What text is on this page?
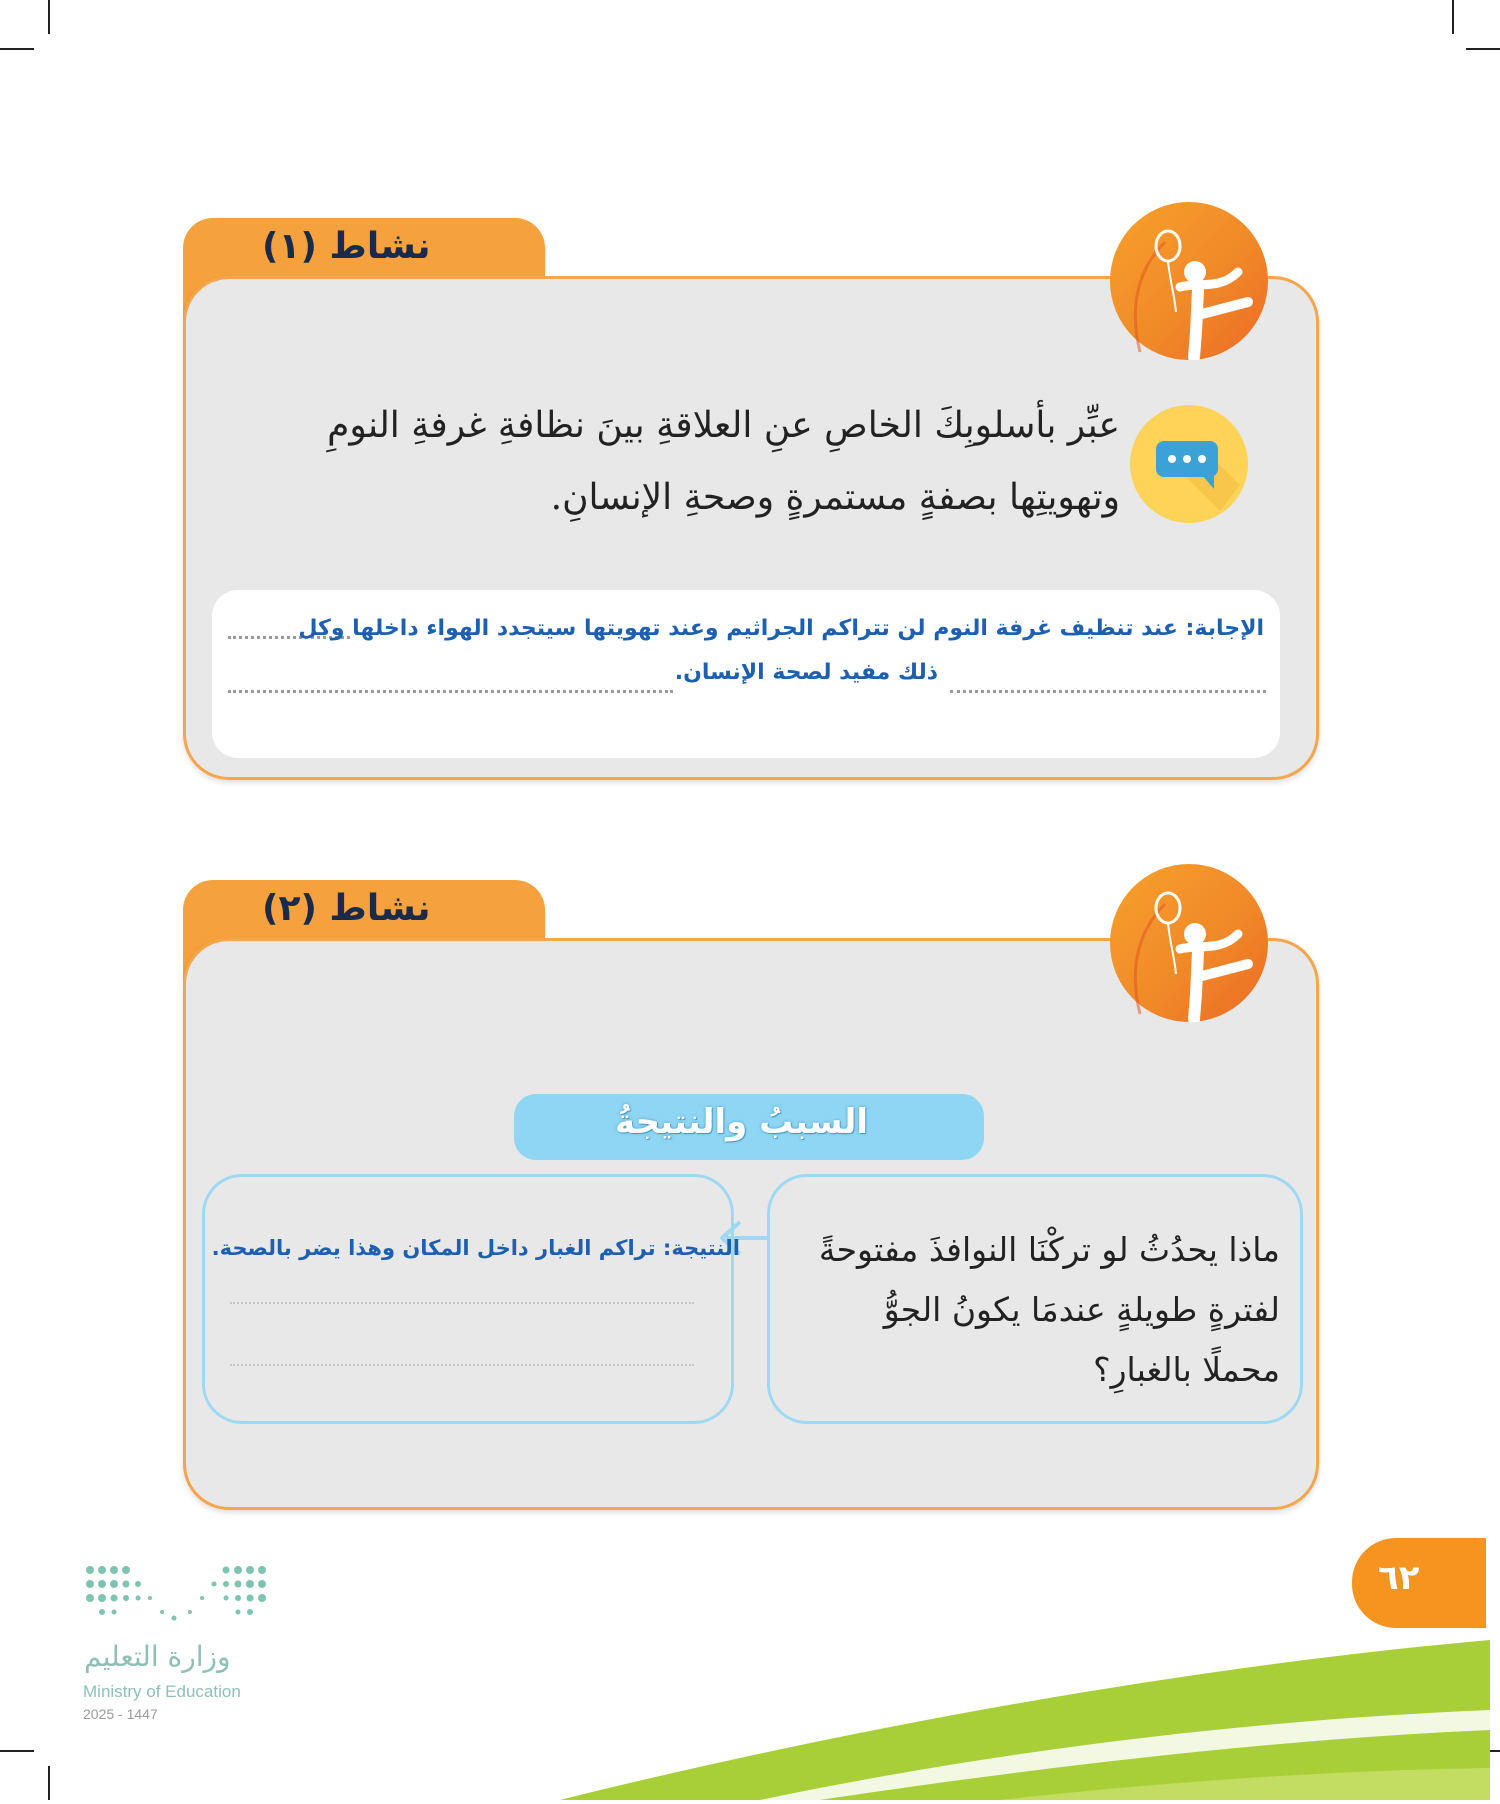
نشاط (١)
عبِّر بأسلوبِكَ الخاصِ عنِ العلاقةِ بينَ نظافةِ غرفةِ النومِ
وتهويتِها بصفةٍ مستمرةٍ وصحةِ الإنسانِ.
الإجابة: عند تنظيف غرفة النوم لن تتراكم الجراثيم وعند تهويتها سيتجدد الهواء داخلها وكل
ذلك مفيد لصحة الإنسان.
نشاط (٢)
السببُ والنتيجةُ
ماذا يحدُثُ لو تركْنَا النوافذَ مفتوحةً
لفترةٍ طويلةٍ عندمَا يكونُ الجوُّ
محملًا بالغبارِ؟
النتيجة: تراكم الغبار داخل المكان وهذا يضر بالصحة.
٦٢
وزارة التعليم
Ministry of Education
2025 - 1447
